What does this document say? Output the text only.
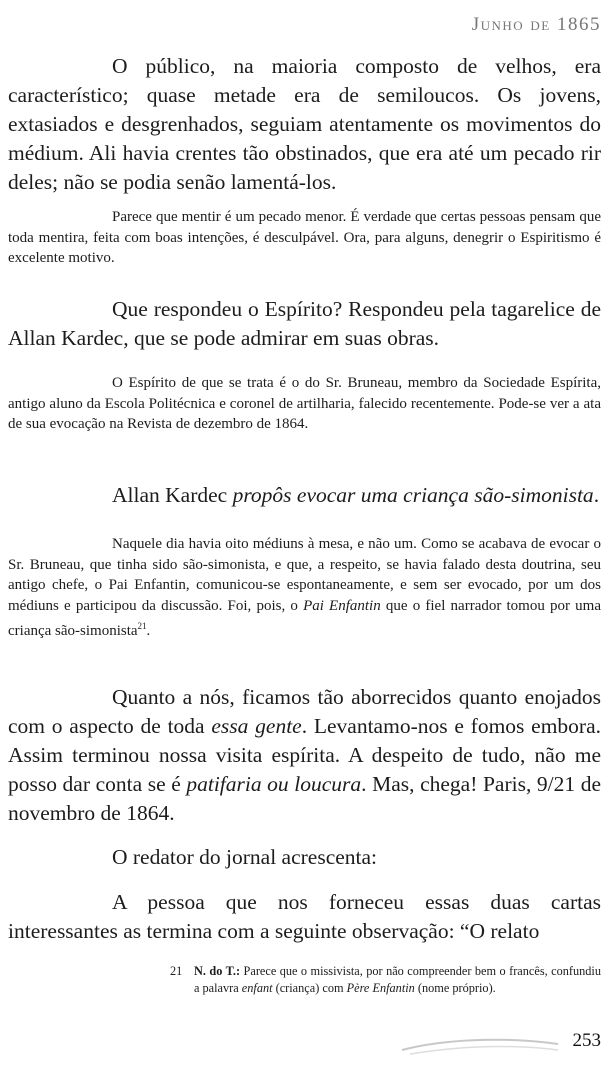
Junho de 1865

O público, na maioria composto de velhos, era característico; quase metade era de semiloucos. Os jovens, extasiados e desgrenhados, seguiam atentamente os movimentos do médium. Ali havia crentes tão obstinados, que era até um pecado rir deles; não se podia senão lamentá-los.

Parece que mentir é um pecado menor. É verdade que certas pessoas pensam que toda mentira, feita com boas intenções, é desculpável. Ora, para alguns, denegrir o Espiritismo é excelente motivo.

Que respondeu o Espírito? Respondeu pela tagarelice de Allan Kardec, que se pode admirar em suas obras.

O Espírito de que se trata é o do Sr. Bruneau, membro da Sociedade Espírita, antigo aluno da Escola Politécnica e coronel de artilharia, falecido recentemente. Pode-se ver a ata de sua evocação na Revista de dezembro de 1864.

Allan Kardec propôs evocar uma criança são-simonista.

Naquele dia havia oito médiuns à mesa, e não um. Como se acabava de evocar o Sr. Bruneau, que tinha sido são-simonista, e que, a respeito, se havia falado desta doutrina, seu antigo chefe, o Pai Enfantin, comunicou-se espontaneamente, e sem ser evocado, por um dos médiuns e participou da discussão. Foi, pois, o Pai Enfantin que o fiel narrador tomou por uma criança são-simonista$^{21}$.

Quanto a nós, ficamos tão aborrecidos quanto enojados com o aspecto de toda essa gente. Levantamo-nos e fomos embora. Assim terminou nossa visita espírita. A despeito de tudo, não me posso dar conta se é patifaria ou loucura. Mas, chega! Paris, 9/21 de novembro de 1864.

O redator do jornal acrescenta:

A pessoa que nos forneceu essas duas cartas interessantes as termina com a seguinte observação: “O relato

21 N. do T.: Parece que o missivista, por não compreender bem o francês, confundiu a palavra enfant (criança) com Père Enfantin (nome próprio).
253
